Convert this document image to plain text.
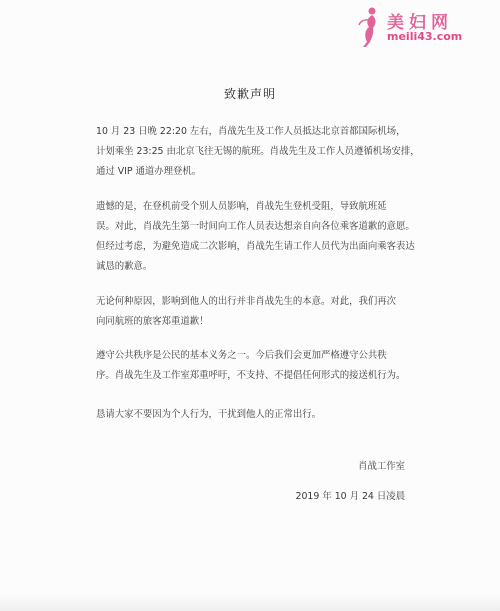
美妇网
meili43.com
致歉声明

10 月 23 日晚 22:20 左右，肖战先生及工作人员抵达北京首都国际机场，

计划乘坐 23:25 由北京飞往无锡的航班。肖战先生及工作人员遵循机场安排，

通过 VIP 通道办理登机。

遗憾的是，在登机前受个别人员影响，肖战先生登机受阻，导致航班延

误。对此，肖战先生第一时间向工作人员表达想亲自向各位乘客道歉的意愿。

但经过考虑，为避免造成二次影响，肖战先生请工作人员代为出面向乘客表达

诚恳的歉意。

无论何种原因，影响到他人的出行并非肖战先生的本意。对此，我们再次

向同航班的旅客郑重道歉！

遵守公共秩序是公民的基本义务之一。今后我们会更加严格遵守公共秩

序。肖战先生及工作室郑重呼吁，不支持、不提倡任何形式的接送机行为。

恳请大家不要因为个人行为，干扰到他人的正常出行。

肖战工作室
2019 年 10 月 24 日凌晨
